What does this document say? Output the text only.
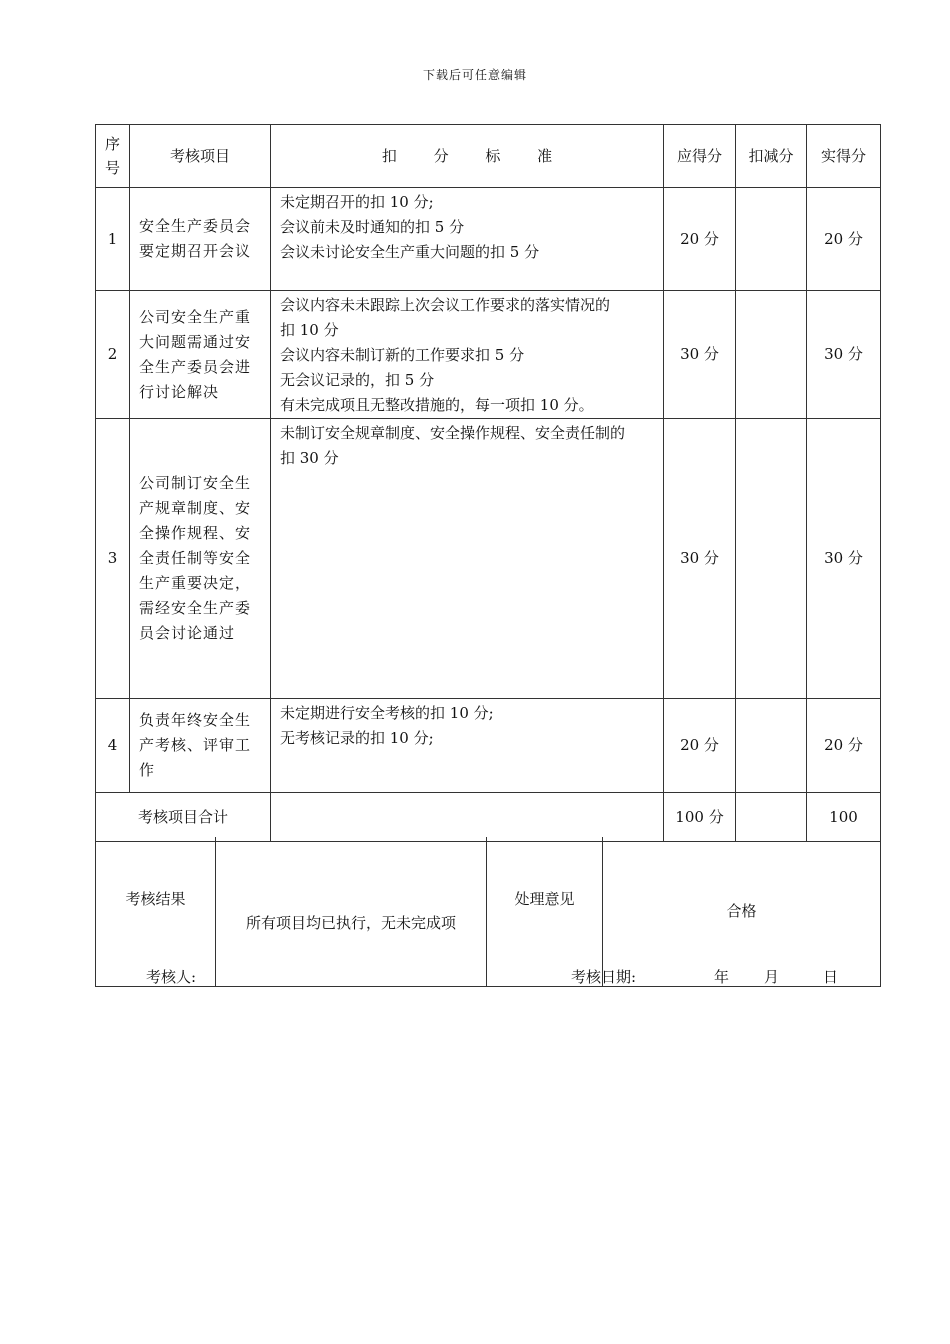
下载后可任意编辑
序号	考核项目	扣 分 标 准	应得分	扣减分	实得分
1	安全生产委员会要定期召开会议	未定期召开的扣 10 分;
会议前未及时通知的扣 5 分
会议未讨论安全生产重大问题的扣 5 分	20 分		20 分
2	公司安全生产重大问题需通过安全生产委员会进行讨论解决	会议内容未未跟踪上次会议工作要求的落实情况的
扣 10 分
会议内容未制订新的工作要求扣 5 分
无会议记录的，扣 5 分
有未完成项且无整改措施的，每一项扣 10 分。	30 分		30 分
3	公司制订安全生产规章制度、安全操作规程、安全责任制等安全生产重要决定，需经安全生产委员会讨论通过	未制订安全规章制度、安全操作规程、安全责任制的
扣 30 分	30 分		30 分
4	负责年终安全生产考核、评审工作	未定期进行安全考核的扣 10 分;
无考核记录的扣 10 分;	20 分		20 分
考核项目合计			100 分		100
考核结果	所有项目均已执行，无未完成项	处理意见	合格
考核人:	考核日期:	年 月	日
